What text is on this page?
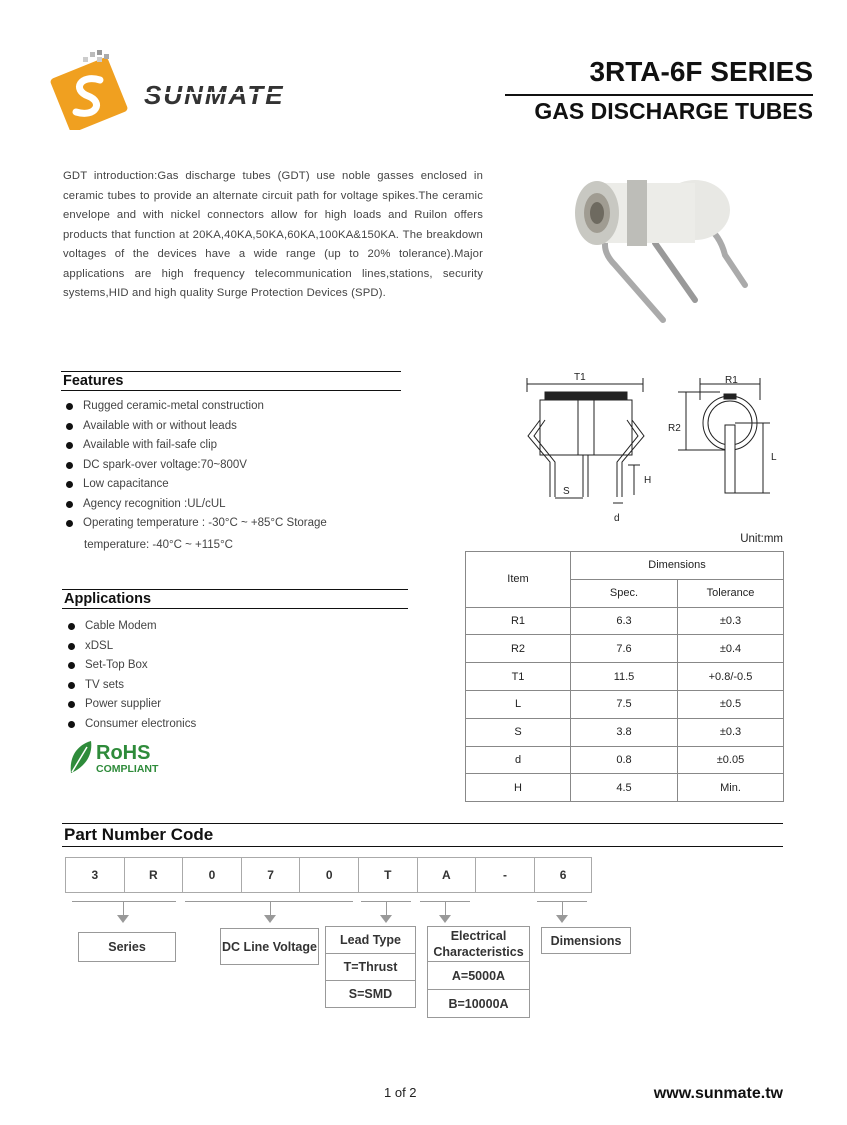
SUNMATE
3RTA-6F SERIES
GAS DISCHARGE TUBES
GDT introduction:Gas discharge tubes (GDT) use noble gasses enclosed in ceramic tubes to provide an alternate circuit path for voltage spikes.The ceramic envelope and with nickel connectors allow for high loads and Ruilon offers products that function at 20KA,40KA,50KA,60KA,100KA&150KA. The breakdown voltages of the devices have a wide range (up to 20% tolerance).Major applications are high frequency telecommunication lines,stations, security systems,HID and high quality Surge Protection Devices (SPD).
Features
Rugged ceramic-metal construction
Available with or without leads
Available with fail-safe clip
DC spark-over voltage:70~800V
Low capacitance
Agency recognition :UL/cUL
Operating temperature : -30°C ~ +85°C Storage
temperature: -40°C ~ +115°C
Applications
Cable Modem
xDSL
Set-Top Box
TV sets
Power supplier
Consumer electronics
RoHS
COMPLIANT
T1
S
H
d
R1
R2
L
Unit:mm
Item	Dimensions	
	Spec.	Tolerance
R1	6.3	±0.3
R2	7.6	±0.4
T1	11.5	+0.8/-0.5
L	7.5	±0.5
S	3.8	±0.3
d	0.8	±0.05
H	4.5	Min.
Part Number Code
3	R	0	7	0	T	A	-	6
Series	DC Line Voltage	Lead Type
T=Thrust
S=SMD
Electrical Characteristics
A=5000A
B=10000A
Dimensions
1 of 2	www.sunmate.tw
